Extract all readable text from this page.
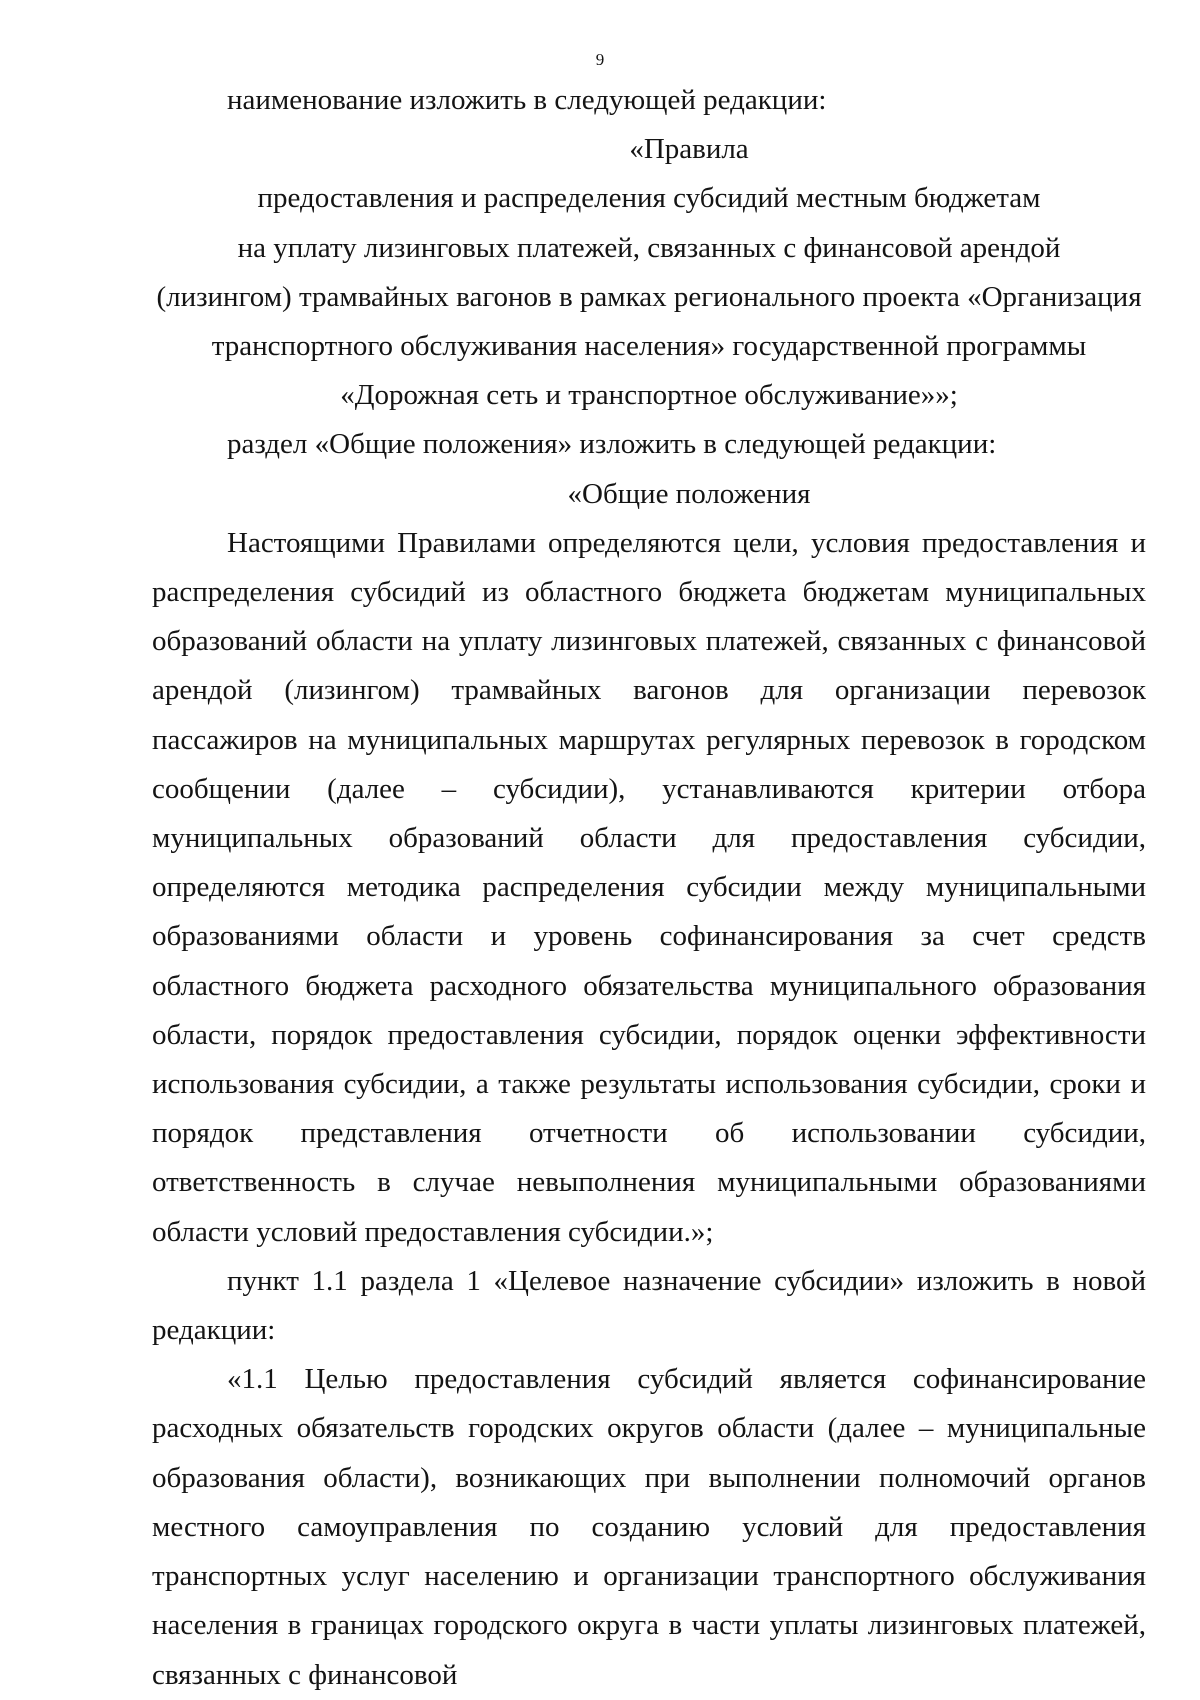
9
наименование изложить в следующей редакции:
«Правила
предоставления и распределения субсидий местным бюджетам
на уплату лизинговых платежей, связанных с финансовой арендой
(лизингом) трамвайных вагонов в рамках регионального проекта «Организация
транспортного обслуживания населения» государственной программы
«Дорожная сеть и транспортное обслуживание»»;
раздел «Общие положения» изложить в следующей редакции:
«Общие положения

Настоящими Правилами определяются цели, условия предоставления и распределения субсидий из областного бюджета бюджетам муниципальных образований области на уплату лизинговых платежей, связанных с финансовой арендой (лизингом) трамвайных вагонов для организации перевозок пассажиров на муниципальных маршрутах регулярных перевозок в городском сообщении (далее – субсидии), устанавливаются критерии отбора муниципальных образований области для предоставления субсидии, определяются методика распределения субсидии между муниципальными образованиями области и уровень софинансирования за счет средств областного бюджета расходного обязательства муниципального образования области, порядок предоставления субсидии, порядок оценки эффективности использования субсидии, а также результаты использования субсидии, сроки и порядок представления отчетности об использовании субсидии, ответственность в случае невыполнения муниципальными образованиями области условий предоставления субсидии.»;

пункт 1.1 раздела 1 «Целевое назначение субсидии» изложить в новой редакции:

«1.1 Целью предоставления субсидий является софинансирование расходных обязательств городских округов области (далее – муниципальные образования области), возникающих при выполнении полномочий органов местного самоуправления по созданию условий для предоставления транспортных услуг населению и организации транспортного обслуживания населения в границах городского округа в части уплаты лизинговых платежей, связанных с финансовой
